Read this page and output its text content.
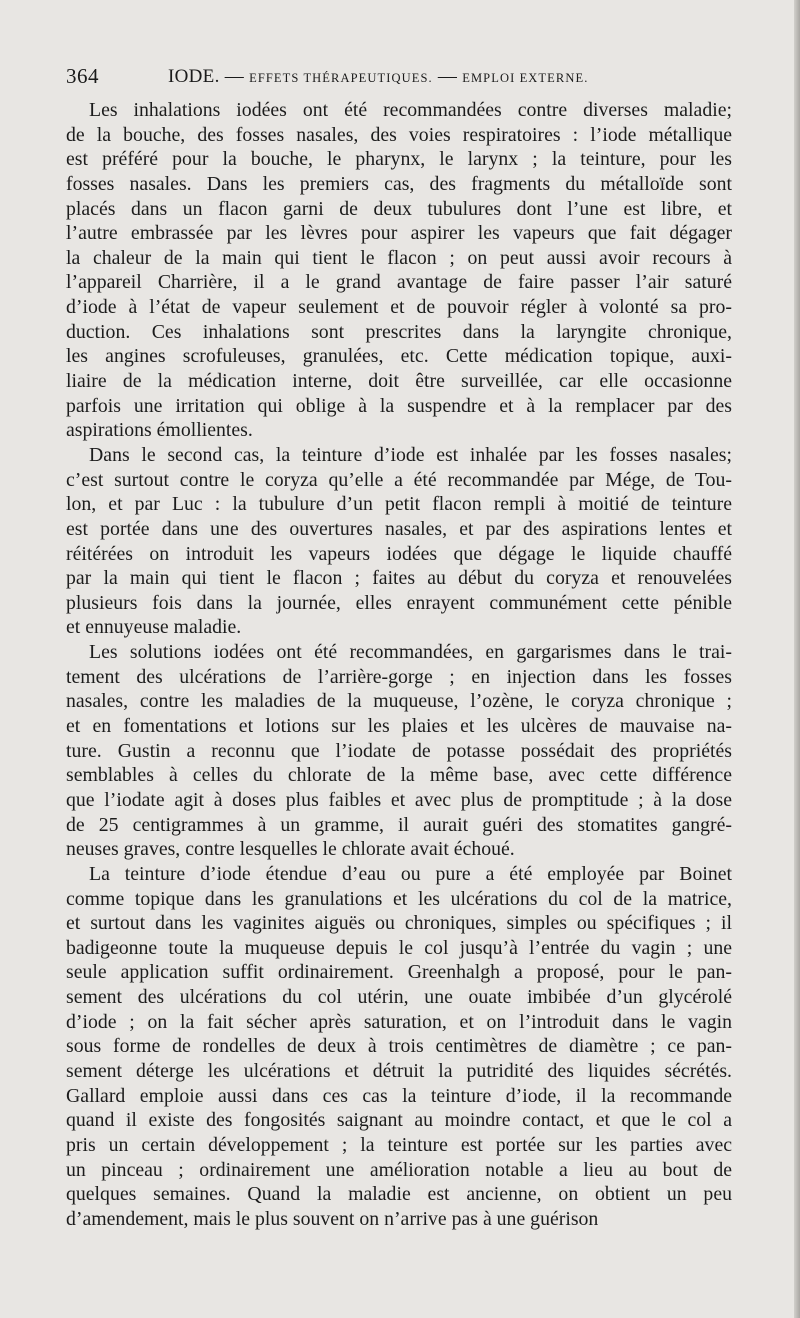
364	IODE. — EFFETS THÉRAPEUTIQUES. — EMPLOI EXTERNE.
Les inhalations iodées ont été recommandées contre diverses maladie;
de la bouche, des fosses nasales, des voies respiratoires : l’iode métallique
est préféré pour la bouche, le pharynx, le larynx ; la teinture, pour les
fosses nasales. Dans les premiers cas, des fragments du métalloïde sont
placés dans un flacon garni de deux tubulures dont l’une est libre, et
l’autre embrassée par les lèvres pour aspirer les vapeurs que fait dégager
la chaleur de la main qui tient le flacon ; on peut aussi avoir recours à
l’appareil Charrière, il a le grand avantage de faire passer l’air saturé
d’iode à l’état de vapeur seulement et de pouvoir régler à volonté sa pro-
duction. Ces inhalations sont prescrites dans la laryngite chronique,
les angines scrofuleuses, granulées, etc. Cette médication topique, auxi-
liaire de la médication interne, doit être surveillée, car elle occasionne
parfois une irritation qui oblige à la suspendre et à la remplacer par des
aspirations émollientes.
Dans le second cas, la teinture d’iode est inhalée par les fosses nasales;
c’est surtout contre le coryza qu’elle a été recommandée par Mége, de Tou-
lon, et par Luc : la tubulure d’un petit flacon rempli à moitié de teinture
est portée dans une des ouvertures nasales, et par des aspirations lentes et
réitérées on introduit les vapeurs iodées que dégage le liquide chauffé
par la main qui tient le flacon ; faites au début du coryza et renouvelées
plusieurs fois dans la journée, elles enrayent communément cette pénible
et ennuyeuse maladie.
Les solutions iodées ont été recommandées, en gargarismes dans le trai-
tement des ulcérations de l’arrière-gorge ; en injection dans les fosses
nasales, contre les maladies de la muqueuse, l’ozène, le coryza chronique ;
et en fomentations et lotions sur les plaies et les ulcères de mauvaise na-
ture. Gustin a reconnu que l’iodate de potasse possédait des propriétés
semblables à celles du chlorate de la même base, avec cette différence
que l’iodate agit à doses plus faibles et avec plus de promptitude ; à la dose
de 25 centigrammes à un gramme, il aurait guéri des stomatites gangré-
neuses graves, contre lesquelles le chlorate avait échoué.
La teinture d’iode étendue d’eau ou pure a été employée par Boinet
comme topique dans les granulations et les ulcérations du col de la matrice,
et surtout dans les vaginites aiguës ou chroniques, simples ou spécifiques ; il
badigeonne toute la muqueuse depuis le col jusqu’à l’entrée du vagin ; une
seule application suffit ordinairement. Greenhalgh a proposé, pour le pan-
sement des ulcérations du col utérin, une ouate imbibée d’un glycérolé
d’iode ; on la fait sécher après saturation, et on l’introduit dans le vagin
sous forme de rondelles de deux à trois centimètres de diamètre ; ce pan-
sement déterge les ulcérations et détruit la putridité des liquides sécrétés.
Gallard emploie aussi dans ces cas la teinture d’iode, il la recommande
quand il existe des fongosités saignant au moindre contact, et que le col a
pris un certain développement ; la teinture est portée sur les parties avec
un pinceau ; ordinairement une amélioration notable a lieu au bout de
quelques semaines. Quand la maladie est ancienne, on obtient un peu
d’amendement, mais le plus souvent on n’arrive pas à une guérison
